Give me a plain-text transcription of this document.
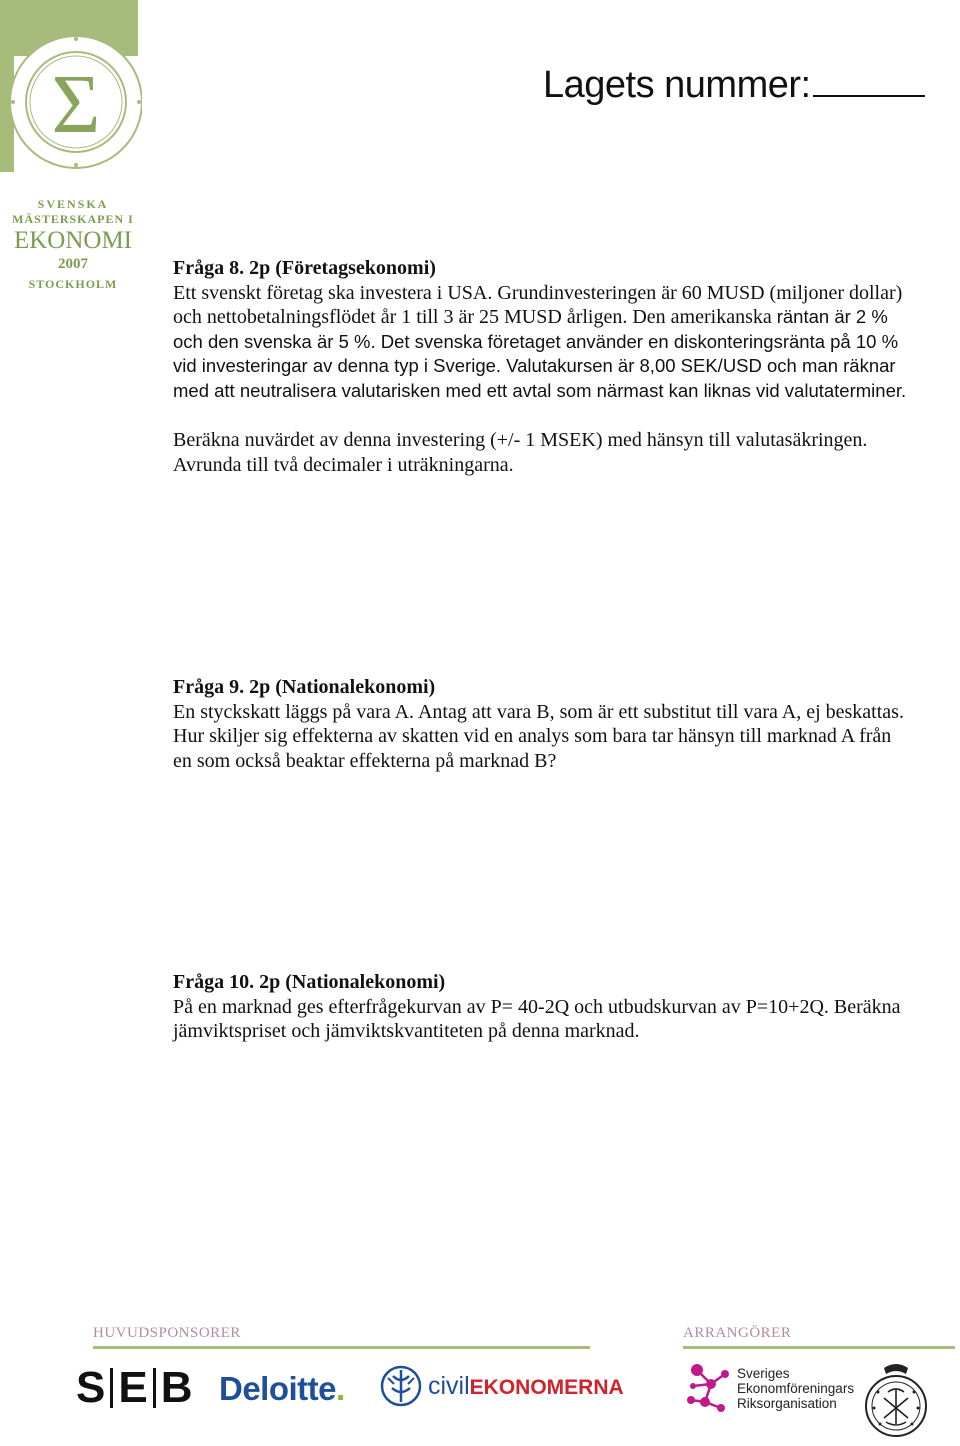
Σ
SVENSKA
MÄSTERSKAPEN I
EKONOMI
2007
STOCKHOLM
Lagets nummer:

Fråga 8. 2p (Företagsekonomi)

Ett svenskt företag ska investera i USA. Grundinvesteringen är 60 MUSD (miljoner dollar) och nettobetalningsflödet år 1 till 3 är 25 MUSD årligen. Den amerikanska räntan är 2 % och den svenska är 5 %. Det svenska företaget använder en diskonteringsränta på 10 % vid investeringar av denna typ i Sverige. Valutakursen är 8,00 SEK/USD och man räknar med att neutralisera valutarisken med ett avtal som närmast kan liknas vid valutaterminer.

Beräkna nuvärdet av denna investering (+/- 1 MSEK) med hänsyn till valutasäkringen. Avrunda till två decimaler i uträkningarna.

Fråga 9. 2p (Nationalekonomi)

En styckskatt läggs på vara A. Antag att vara B, som är ett substitut till vara A, ej beskattas. Hur skiljer sig effekterna av skatten vid en analys som bara tar hänsyn till marknad A från en som också beaktar effekterna på marknad B?

Fråga 10. 2p (Nationalekonomi)

På en marknad ges efterfrågekurvan av P= 40-2Q och utbudskurvan av P=10+2Q. Beräkna jämviktspriset och jämviktskvantiteten på denna marknad.

HUVUDSPONSORER	ARRANGÖRER
S E B Deloitte.	civilEKONOMERNA
Sveriges
Ekonomföreningars
Riksorganisation
